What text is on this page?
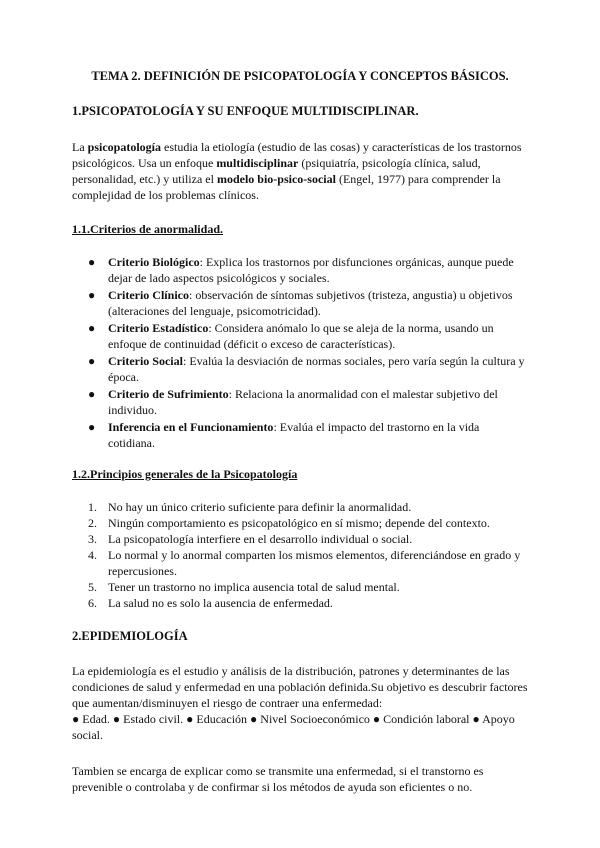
TEMA 2. DEFINICIÓN DE PSICOPATOLOGÍA Y CONCEPTOS BÁSICOS.

1.PSICOPATOLOGÍA Y SU ENFOQUE MULTIDISCIPLINAR.

La psicopatología estudia la etiología (estudio de las cosas) y características de los trastornos psicológicos. Usa un enfoque multidisciplinar (psiquiatría, psicología clínica, salud, personalidad, etc.) y utiliza el modelo bio-psico-social (Engel, 1977) para comprender la complejidad de los problemas clínicos.

1.1.Criterios de anormalidad.

● Criterio Biológico: Explica los trastornos por disfunciones orgánicas, aunque puede dejar de lado aspectos psicológicos y sociales.
● Criterio Clínico: observación de síntomas subjetivos (tristeza, angustia) u objetivos (alteraciones del lenguaje, psicomotricidad).
● Criterio Estadístico: Considera anómalo lo que se aleja de la norma, usando un enfoque de continuidad (déficit o exceso de características).
● Criterio Social: Evalúa la desviación de normas sociales, pero varía según la cultura y época.
● Criterio de Sufrimiento: Relaciona la anormalidad con el malestar subjetivo del individuo.
● Inferencia en el Funcionamiento: Evalúa el impacto del trastorno en la vida cotidiana.

1.2.Principios generales de la Psicopatología

1. No hay un único criterio suficiente para definir la anormalidad.
2. Ningún comportamiento es psicopatológico en sí mismo; depende del contexto.
3. La psicopatología interfiere en el desarrollo individual o social.
4. Lo normal y lo anormal comparten los mismos elementos, diferenciándose en grado y repercusiones.
5. Tener un trastorno no implica ausencia total de salud mental.
6. La salud no es solo la ausencia de enfermedad.

2.EPIDEMIOLOGÍA

La epidemiología es el estudio y análisis de la distribución, patrones y determinantes de las condiciones de salud y enfermedad en una población definida.Su objetivo es descubrir factores que aumentan/disminuyen el riesgo de contraer una enfermedad:
● Edad. ● Estado civil. ● Educación ● Nivel Socioeconómico ● Condición laboral ● Apoyo social.

Tambien se encarga de explicar como se transmite una enfermedad, si el transtorno es prevenible o controlaba y de confirmar si los métodos de ayuda son eficientes o no.
